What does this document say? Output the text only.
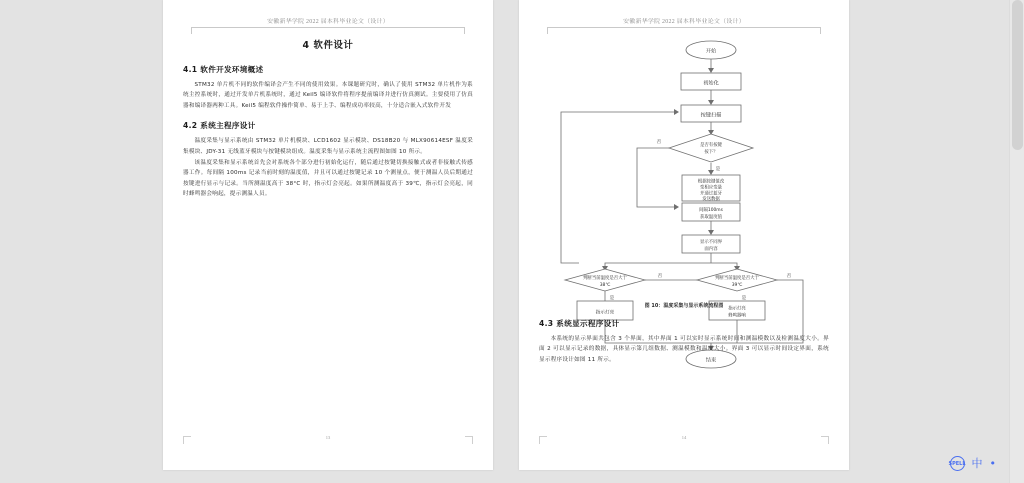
安徽新华学院 2022 届本科毕业论文（设计）
4 软件设计
4.1 软件开发环境概述

STM32 单片机不同的软件编译会产生不同的使用效果。本课题研究时，确认了使用 STM32 单片机作为系统主控系统时，通过开发单片机系统时，通过 Keil5 编译软件将程序提前编译并进行仿真测试。主要使用了仿真器和编译器两种工具。Keil5 编程软件操作简单、易于上手、编程成功率较高，十分适合嵌入式软件开发

4.2 系统主程序设计

温度采集与显示系统由 STM32 单片机模块、LCD1602 显示模块、DS18B20 与 MLX90614ESF 温度采集模块、JDY-31 无线蓝牙模块与按键模块组成。温度采集与显示系统主流程图如图 10 所示。

该温度采集和显示系统首先会对系统各个部分进行初始化运行，随后通过按键切换接触式或者非接触式传感器工作。每间隔 100ms 记录当前时刻的温度值，并且可以通过按键记录 10 个测量点，便于测温人员后期通过按键进行显示与记录。当所测温度高于 38°C 时，指示灯会亮起。如果所测温度高于 39℃，指示灯会亮起，同时蜂鸣器会响起，提示测温人员。

13
安徽新华学院 2022 届本科毕业论文（设计）
开始
初始化
按键扫描
是否有按键
按下？
否
是
根据按键值改
变相应变量
并通过蓝牙
发送数据
间隔100ms
获取温度值
显示不同界
面内容
判断当前温度是否大于
38℃
否
是
判断当前温度是否大于
39℃
否
是
指示灯亮
指示灯亮
蜂鸣器响
结束
图 10：温度采集与显示系统流程图
4.3 系统显示程序设计

本系统的显示界面共包含 3 个界面，其中界面 1 可以实时显示系统时间和测温模数以及检测温度大小。界面 2 可以显示记录的数据，具体显示第几组数据、测温模数和温度大小。界面 3 可以显示时间设定界面，系统显示程序设计如图 11 所示。

14
SPELL 中 •
